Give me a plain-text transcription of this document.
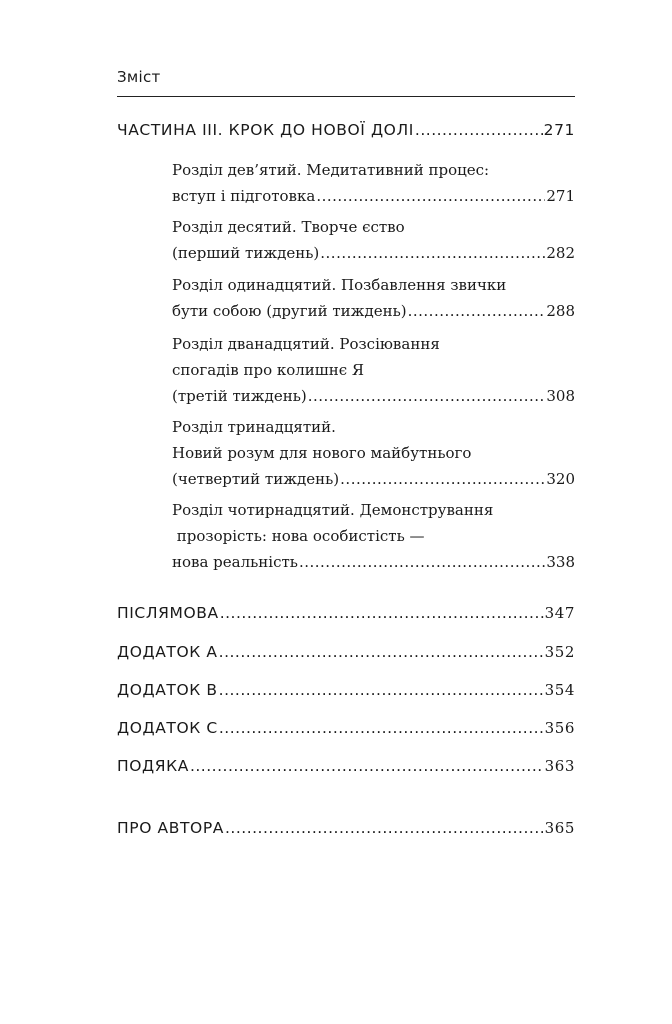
Зміст
ЧАСТИНА ІІІ. КРОК ДО НОВОЇ ДОЛІ .....	271
Розділ дев’ятий. Медитативний процес:
вступ і підготовка .....	271
Розділ десятий. Творче єство
(перший тиждень) .....	282
Розділ одинадцятий. Позбавлення звички
бути собою (другий тиждень) .....	288
Розділ дванадцятий. Розсіювання
спогадів про колишнє Я
(третій тиждень) .....	308
Розділ тринадцятий.
Новий розум для нового майбутнього
(четвертий тиждень) .....	320
Розділ чотирнадцятий. Демонстрування
прозорість: нова особистість —
нова реальність .....	338
ПІСЛЯМОВА .....	347
ДОДАТОК А .....	352
ДОДАТОК В .....	354
ДОДАТОК С .....	356
ПОДЯКА .....	363
ПРО АВТОРА .....	365
